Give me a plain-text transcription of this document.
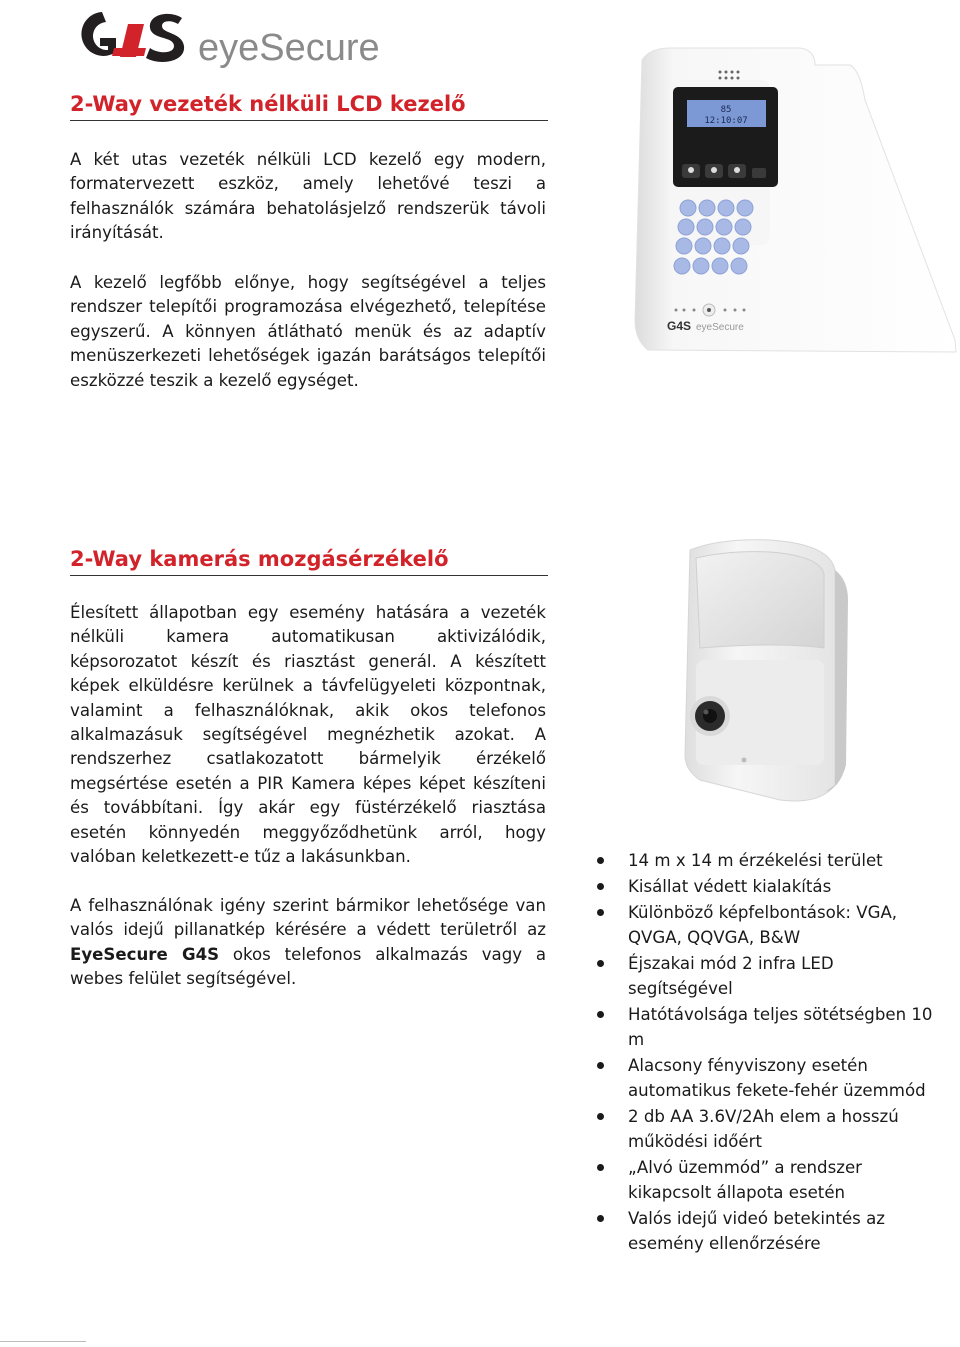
eyeSecure
2-Way vezeték nélküli LCD kezelő

A két utas vezeték nélküli LCD kezelő egy modern, formatervezett eszköz, amely lehetővé teszi a felhasználók számára behatolásjelző rendszerük távoli irányítását.

A kezelő legfőbb előnye, hogy segítségével a teljes rendszer telepítői programozása elvégezhető, telepítése egyszerű. A könnyen átlátható menük és az adaptív menüszerkezeti lehetőségek igazán barátságos telepítői eszközzé teszik a kezelő egységet.

85
12:10:07
G4S eyeSecure
2-Way kamerás mozgásérzékelő

Élesített állapotban egy esemény hatására a vezeték nélküli kamera automatikusan aktivizálódik, képsorozatot készít és riasztást generál. A készített képek elküldésre kerülnek a távfelügyeleti központnak, valamint a felhasználóknak, akik okos telefonos alkalmazásuk segítségével megnézhetik azokat. A rendszerhez csatlakozatott bármelyik érzékelő megsértése esetén a PIR Kamera képes képet készíteni és továbbítani. Így akár egy füstérzékelő riasztása esetén könnyedén meggyőződhetünk arról, hogy valóban keletkezett-e tűz a lakásunkban.

A felhasználónak igény szerint bármikor lehetősége van valós idejű pillanatkép kérésére a védett területről az EyeSecure G4S okos telefonos alkalmazás vagy a webes felület segítségével.

14 m x 14 m érzékelési terület
Kisállat védett kialakítás
Különböző képfelbontások: VGA, QVGA, QQVGA, B&W
Éjszakai mód 2 infra LED segítségével
Hatótávolsága teljes sötétségben 10 m
Alacsony fényviszony esetén automatikus fekete-fehér üzemmód
2 db AA 3.6V/2Ah elem a hosszú működési időért
„Alvó üzemmód” a rendszer kikapcsolt állapota esetén
Valós idejű videó betekintés az esemény ellenőrzésére
